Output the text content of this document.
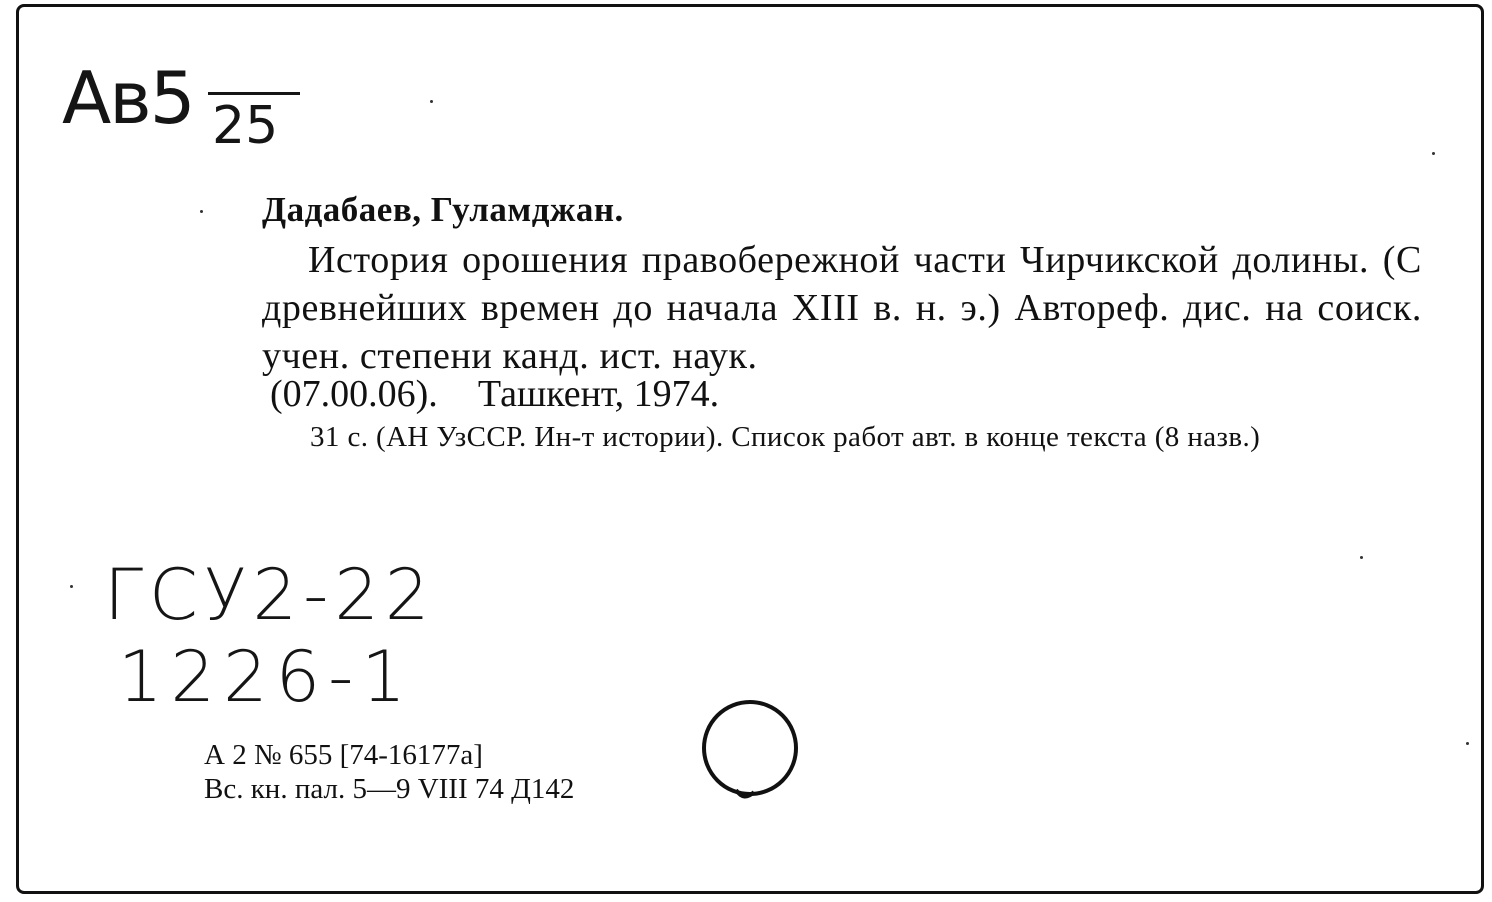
Ав5 25
Дадабаев, Гуламджан.
История орошения правобережной части Чирчикской долины. (С древнейших времен до начала XIII в. н. э.) Автореф. дис. на соиск. учен. степени канд. ист. наук.
(07.00.06). Ташкент, 1974.
31 с. (АН УзССР. Ин-т истории). Список работ авт. в конце текста (8 назв.)
ГСУ2-22
1226-1
А 2 № 655 [74-16177а]
Вс. кн. пал. 5—9 VIII 74 Д142
